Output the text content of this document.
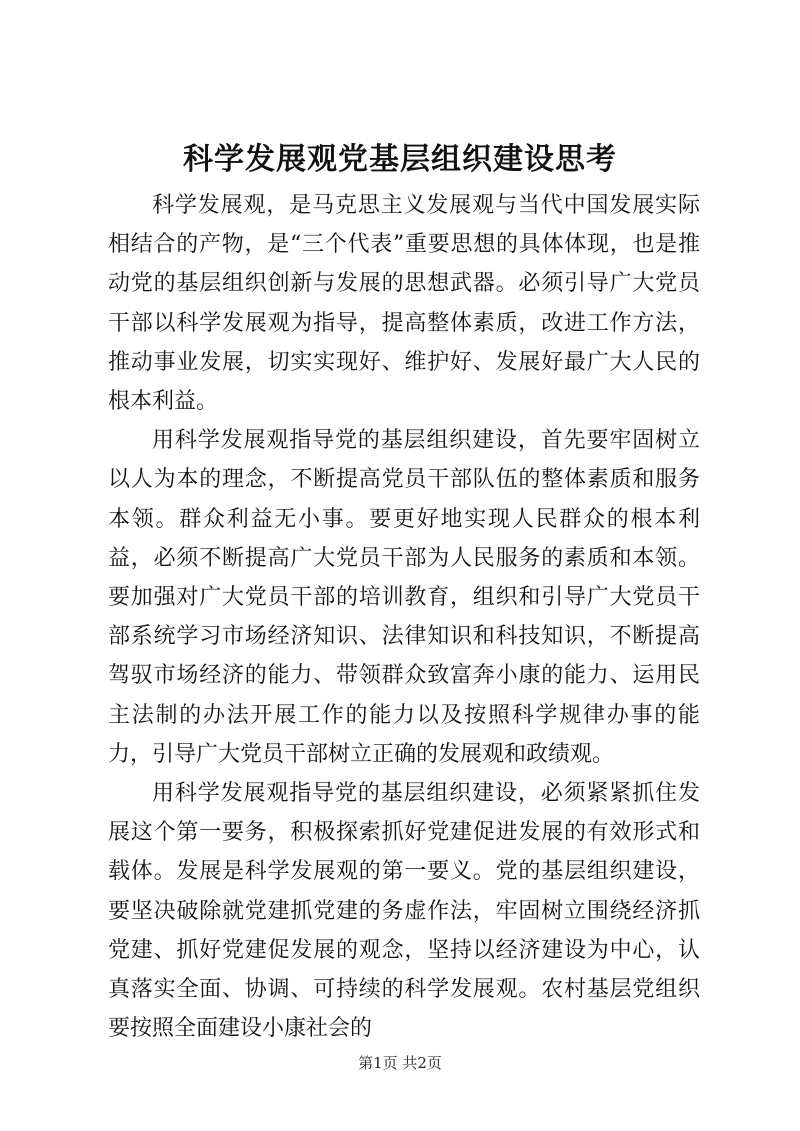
科学发展观党基层组织建设思考

科学发展观，是马克思主义发展观与当代中国发展实际相结合的产物，是“三个代表”重要思想的具体体现，也是推动党的基层组织创新与发展的思想武器。必须引导广大党员干部以科学发展观为指导，提高整体素质，改进工作方法，推动事业发展，切实实现好、维护好、发展好最广大人民的根本利益。

用科学发展观指导党的基层组织建设，首先要牢固树立以人为本的理念，不断提高党员干部队伍的整体素质和服务本领。群众利益无小事。要更好地实现人民群众的根本利益，必须不断提高广大党员干部为人民服务的素质和本领。要加强对广大党员干部的培训教育，组织和引导广大党员干部系统学习市场经济知识、法律知识和科技知识，不断提高驾驭市场经济的能力、带领群众致富奔小康的能力、运用民主法制的办法开展工作的能力以及按照科学规律办事的能力，引导广大党员干部树立正确的发展观和政绩观。

用科学发展观指导党的基层组织建设，必须紧紧抓住发展这个第一要务，积极探索抓好党建促进发展的有效形式和载体。发展是科学发展观的第一要义。党的基层组织建设，要坚决破除就党建抓党建的务虚作法，牢固树立围绕经济抓党建、抓好党建促发展的观念，坚持以经济建设为中心，认真落实全面、协调、可持续的科学发展观。农村基层党组织要按照全面建设小康社会的

第1页 共2页
